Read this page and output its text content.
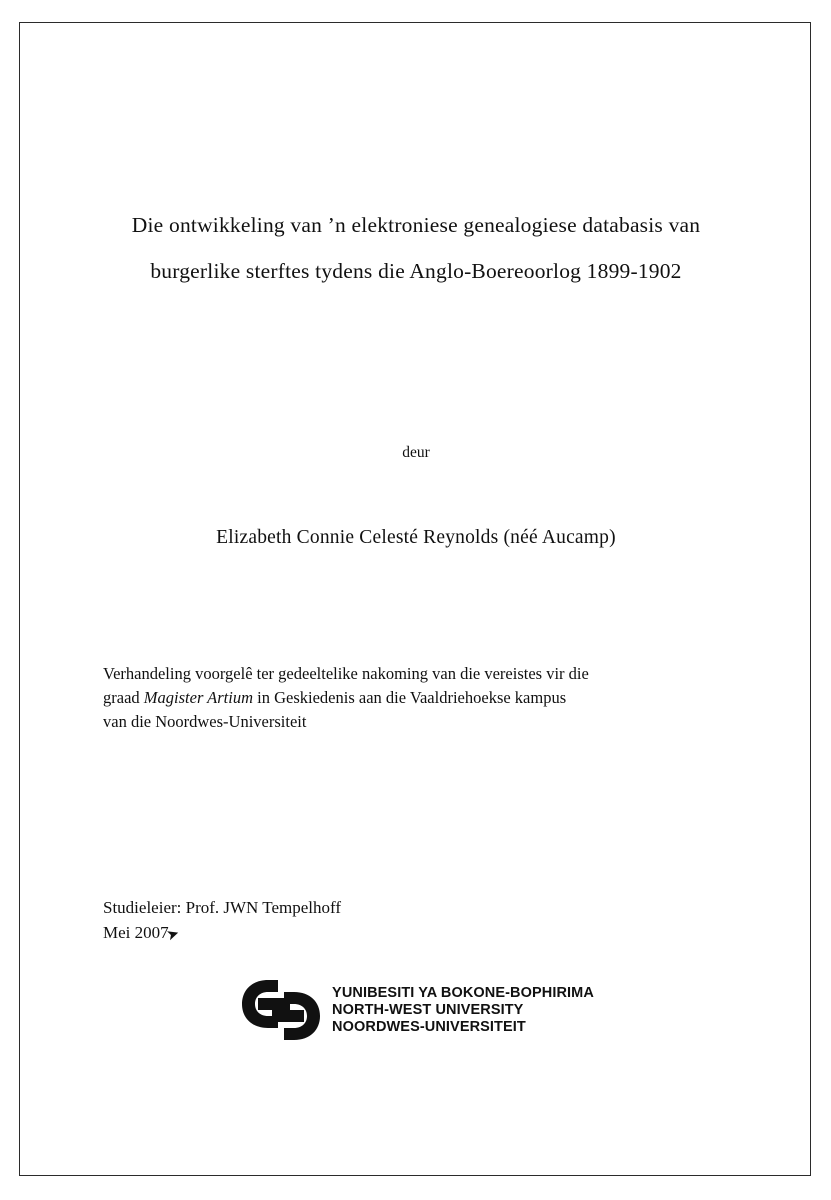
Die ontwikkeling van ’n elektroniese genealogiese databasis van
burgerlike sterftes tydens die Anglo-Boereoorlog 1899-1902
deur
Elizabeth Connie Celesté Reynolds (néé Aucamp)
Verhandeling voorgelê ter gedeeltelike nakoming van die vereistes vir die
graad Magister Artium in Geskiedenis aan die Vaaldriehoekse kampus
van die Noordwes-Universiteit
Studieleier: Prof. JWN Tempelhoff
Mei 2007
➤
YUNIBESITI YA BOKONE-BOPHIRIMA
NORTH-WEST UNIVERSITY
NOORDWES-UNIVERSITEIT
